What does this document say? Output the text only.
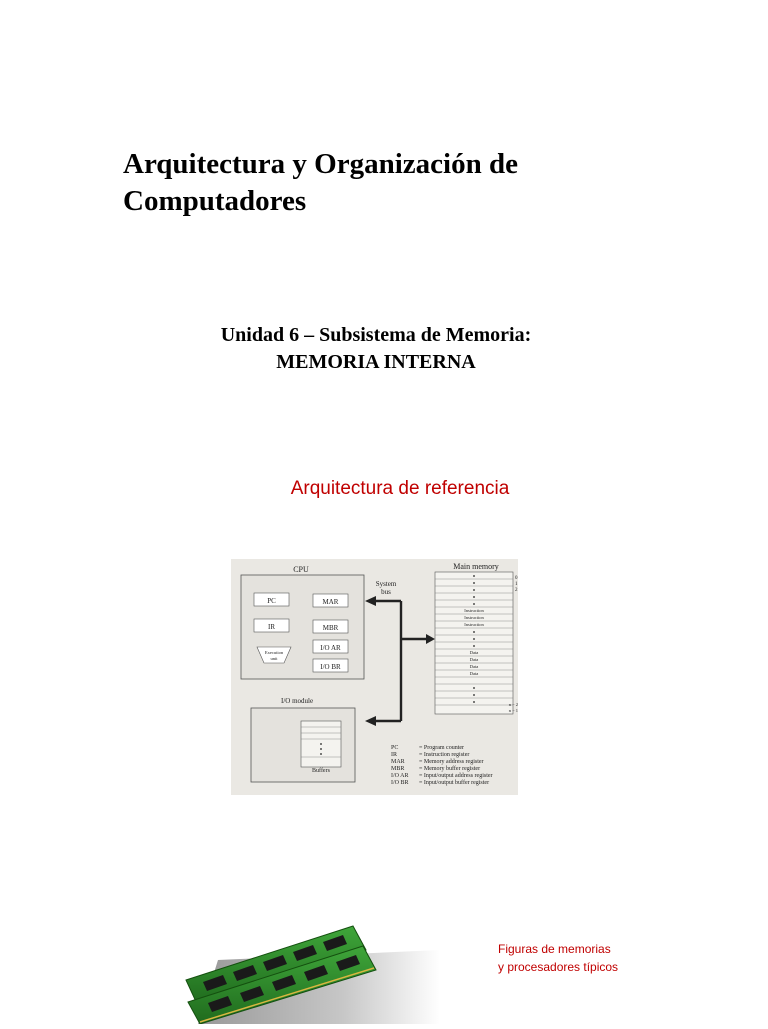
Arquitectura y Organización de
Computadores
Unidad 6 – Subsistema de Memoria:
MEMORIA INTERNA
Arquitectura de referencia
CPU
PC	MAR
IR	MBR
I/O AR
I/O BR
Execution
unit
System
bus
Main memory
Instruction
Instruction
Instruction
Data
Data
Data
Data
0
1
2
n − 2
n − 1
I/O module
Buffers
PC	= Program counter
IR	= Instruction register
MAR = Memory address register
MBR = Memory buffer register
I/O AR = Input/output address register
I/O BR = Input/output buffer register
Figuras de memorias
y procesadores típicos
